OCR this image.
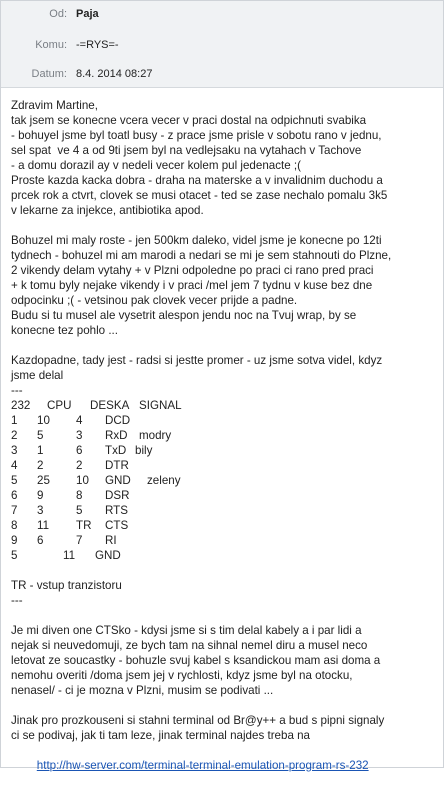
Od: Paja
Komu: -=RYS=-
Datum: 8.4. 2014 08:27
Zdravim Martine,
tak jsem se konecne vcera vecer v praci dostal na odpichnuti svabika
- bohuyel jsme byl toatl busy - z prace jsme prisle v sobotu rano v jednu,
sel spat  ve 4 a od 9ti jsem byl na vedlejsaku na vytahach v Tachove
- a domu dorazil ay v nedeli vecer kolem pul jedenacte ;(
Proste kazda kacka dobra - draha na materske a v invalidnim duchodu a
prcek rok a ctvrt, clovek se musi otacet - ted se zase nechalo pomalu 3k5
v lekarne za injekce, antibiotika apod.
Bohuzel mi maly roste - jen 500km daleko, videl jsme je konecne po 12ti
tydnech - bohuzel mi am marodi a nedari se mi je sem stahnouti do Plzne,
2 vikendy delam vytahy + v Plzni odpoledne po praci ci rano pred praci
+ k tomu byly nejake vikendy i v praci /mel jem 7 tydnu v kuse bez dne
odpocinku ;( - vetsinou pak clovek vecer prijde a padne.
Budu si tu musel ale vysetrit alespon jendu noc na Tvuj wrap, by se
konecne tez pohlo ...
Kazdopadne, tady jest - radsi si jestte promer - uz jsme sotva videl, kdyz
jsme delal
---
232 CPU DESKA SIGNAL
1 10 4 DCD
2 5	3 RxD modry
3 1	6 TxD bily
4 2	2 DTR
5 25 10 GND zeleny
6 9	8 DSR
7 3	5 RTS
8 11 TR CTS
9 6	7 RI
5	11 GND
TR - vstup tranzistoru
---
Je mi diven one CTSko - kdysi jsme si s tim delal kabely a i par lidi a
nejak si neuvedomuji, ze bych tam na sihnal nemel diru a musel neco
letovat ze soucastky - bohuzle svuj kabel s ksandickou mam asi doma a
nemohu overiti /doma jsem jej v rychlosti, kdyz jsme byl na otocku,
nenasel/ - ci je mozna v Plzni, musim se podivati ...
Jinak pro prozkouseni si stahni terminal od Br@y++ a bud s pipni signaly
ci se podivaj, jak ti tam leze, jinak terminal najdes treba na

http://hw-server.com/terminal-terminal-emulation-program-rs-232
